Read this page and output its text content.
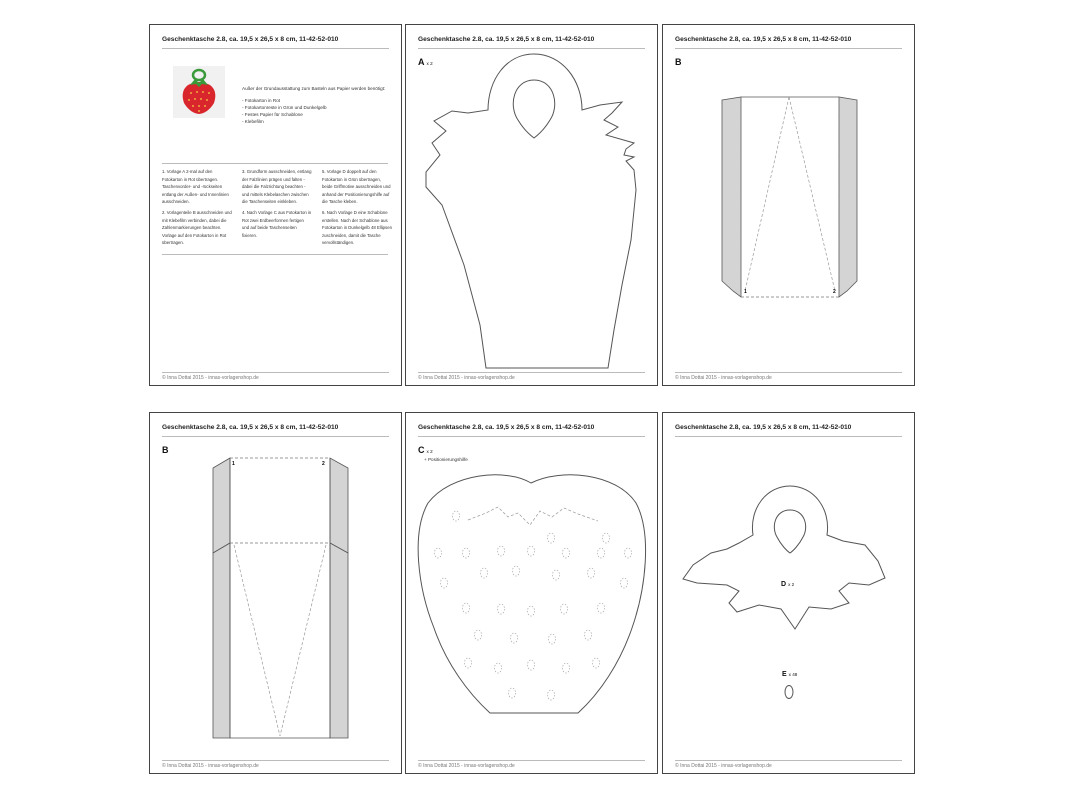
Geschenktasche 2.8, ca. 19,5 x 26,5 x 8 cm, 11-42-52-010
Außer der Grundausstattung zum Basteln aus Papier werden benötigt:
- Fotokarton in Rot
- Fotokartonreste in Grün und Dunkelgelb
- Festes Papier für Schablone
- Klebefilm

1. Vorlage A 2-mal auf den Fotokarton in Rot übertragen. Taschenvorder- und -rückseiten entlang der Außen- und Innenlinien ausschneiden.

2. Vorlagenteile B ausschneiden und mit Klebefilm verbinden, dabei die Zahlenmarkierungen beachten. Vorlage auf den Fotokarton in Rot übertragen.

3. Grundform ausschneiden, entlang der Falzlinien prägen und falten - dabei die Falzrichtung beachten - und mittels Klebelaschen zwischen die Taschenseiten einkleben.

4. Nach Vorlage C aus Fotokarton in Rot zwei Erdbeerformen fertigen und auf beide Taschenseiten fixieren.

5. Vorlage D doppelt auf den Fotokarton in Grün übertragen, beide Griffmotive ausschneiden und anhand der Positionierungshilfe auf die Tasche kleben.

6. Nach Vorlage D eine Schablone erstellen. Nach der Schablone aus Fotokarton in Dunkelgelb 48 Ellipsen zuschneiden, damit die Tasche vervollständigen.

© Inna Dottai 2015 - innas-vorlagenshop.de
Geschenktasche 2.8, ca. 19,5 x 26,5 x 8 cm, 11-42-52-010
Ax 2
© Inna Dottai 2015 - innas-vorlagenshop.de
Geschenktasche 2.8, ca. 19,5 x 26,5 x 8 cm, 11-42-52-010
B
1	2
© Inna Dottai 2015 - innas-vorlagenshop.de
Geschenktasche 2.8, ca. 19,5 x 26,5 x 8 cm, 11-42-52-010
B
1	2
© Inna Dottai 2015 - innas-vorlagenshop.de
Geschenktasche 2.8, ca. 19,5 x 26,5 x 8 cm, 11-42-52-010
Cx 2
+ Positionierungshilfe
© Inna Dottai 2015 - innas-vorlagenshop.de
Geschenktasche 2.8, ca. 19,5 x 26,5 x 8 cm, 11-42-52-010
Dx 2
Ex 48
© Inna Dottai 2015 - innas-vorlagenshop.de
